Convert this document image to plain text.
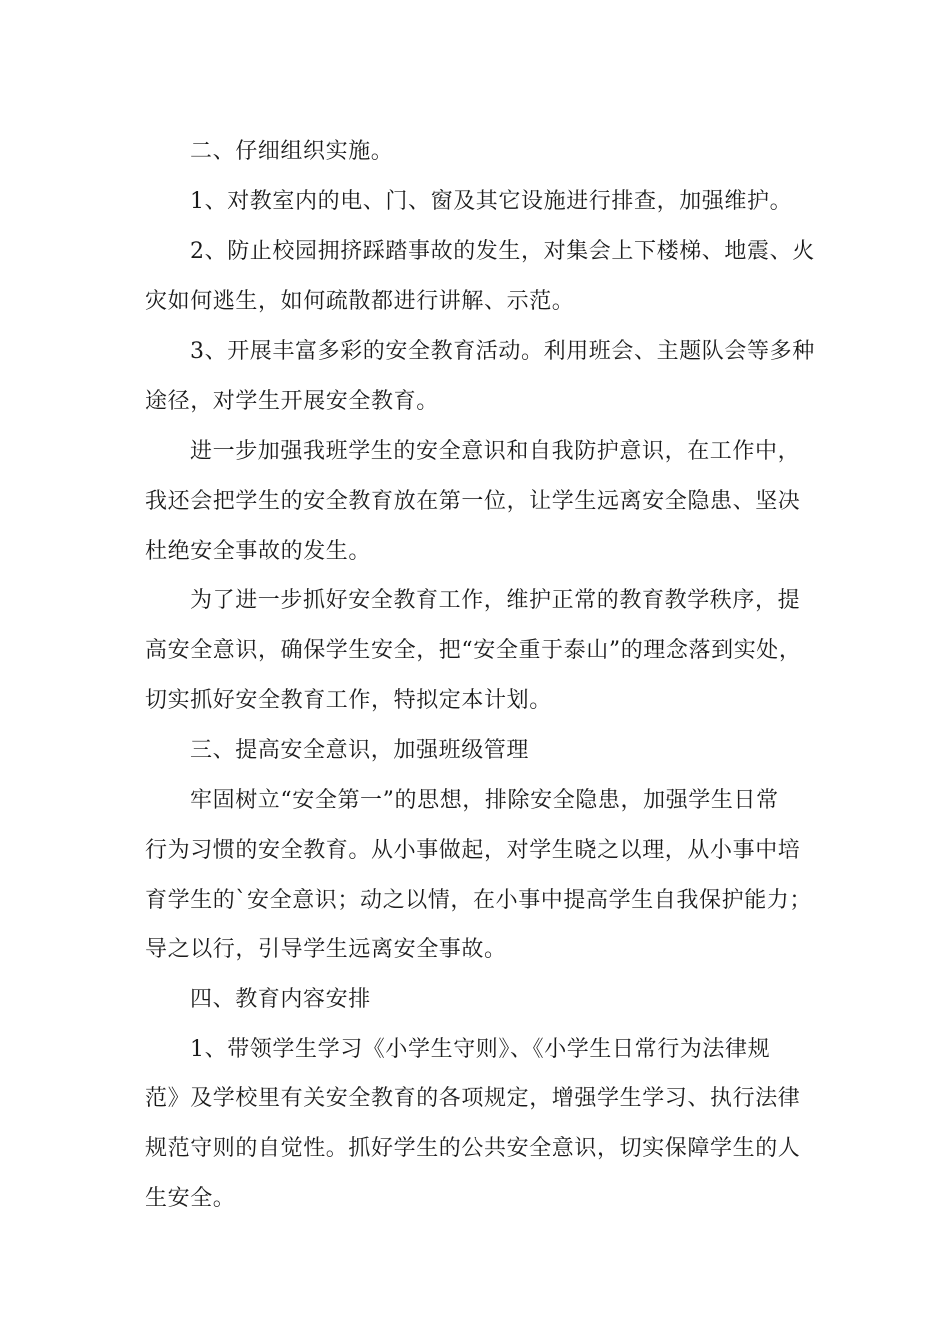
二、仔细组织实施。

1、对教室内的电、门、窗及其它设施进行排查，加强维护。

2、防止校园拥挤踩踏事故的发生，对集会上下楼梯、地震、火

灾如何逃生，如何疏散都进行讲解、示范。

3、开展丰富多彩的安全教育活动。利用班会、主题队会等多种

途径，对学生开展安全教育。

进一步加强我班学生的安全意识和自我防护意识，在工作中，

我还会把学生的安全教育放在第一位，让学生远离安全隐患、坚决

杜绝安全事故的发生。

为了进一步抓好安全教育工作，维护正常的教育教学秩序，提

高安全意识，确保学生安全，把“安全重于泰山”的理念落到实处，

切实抓好安全教育工作，特拟定本计划。

三、提高安全意识，加强班级管理

牢固树立“安全第一”的思想，排除安全隐患，加强学生日常

行为习惯的安全教育。从小事做起，对学生晓之以理，从小事中培

育学生的`安全意识；动之以情，在小事中提高学生自我保护能力；

导之以行，引导学生远离安全事故。

四、教育内容安排

1、带领学生学习《小学生守则》、《小学生日常行为法律规

范》及学校里有关安全教育的各项规定，增强学生学习、执行法律

规范守则的自觉性。抓好学生的公共安全意识，切实保障学生的人

生安全。
